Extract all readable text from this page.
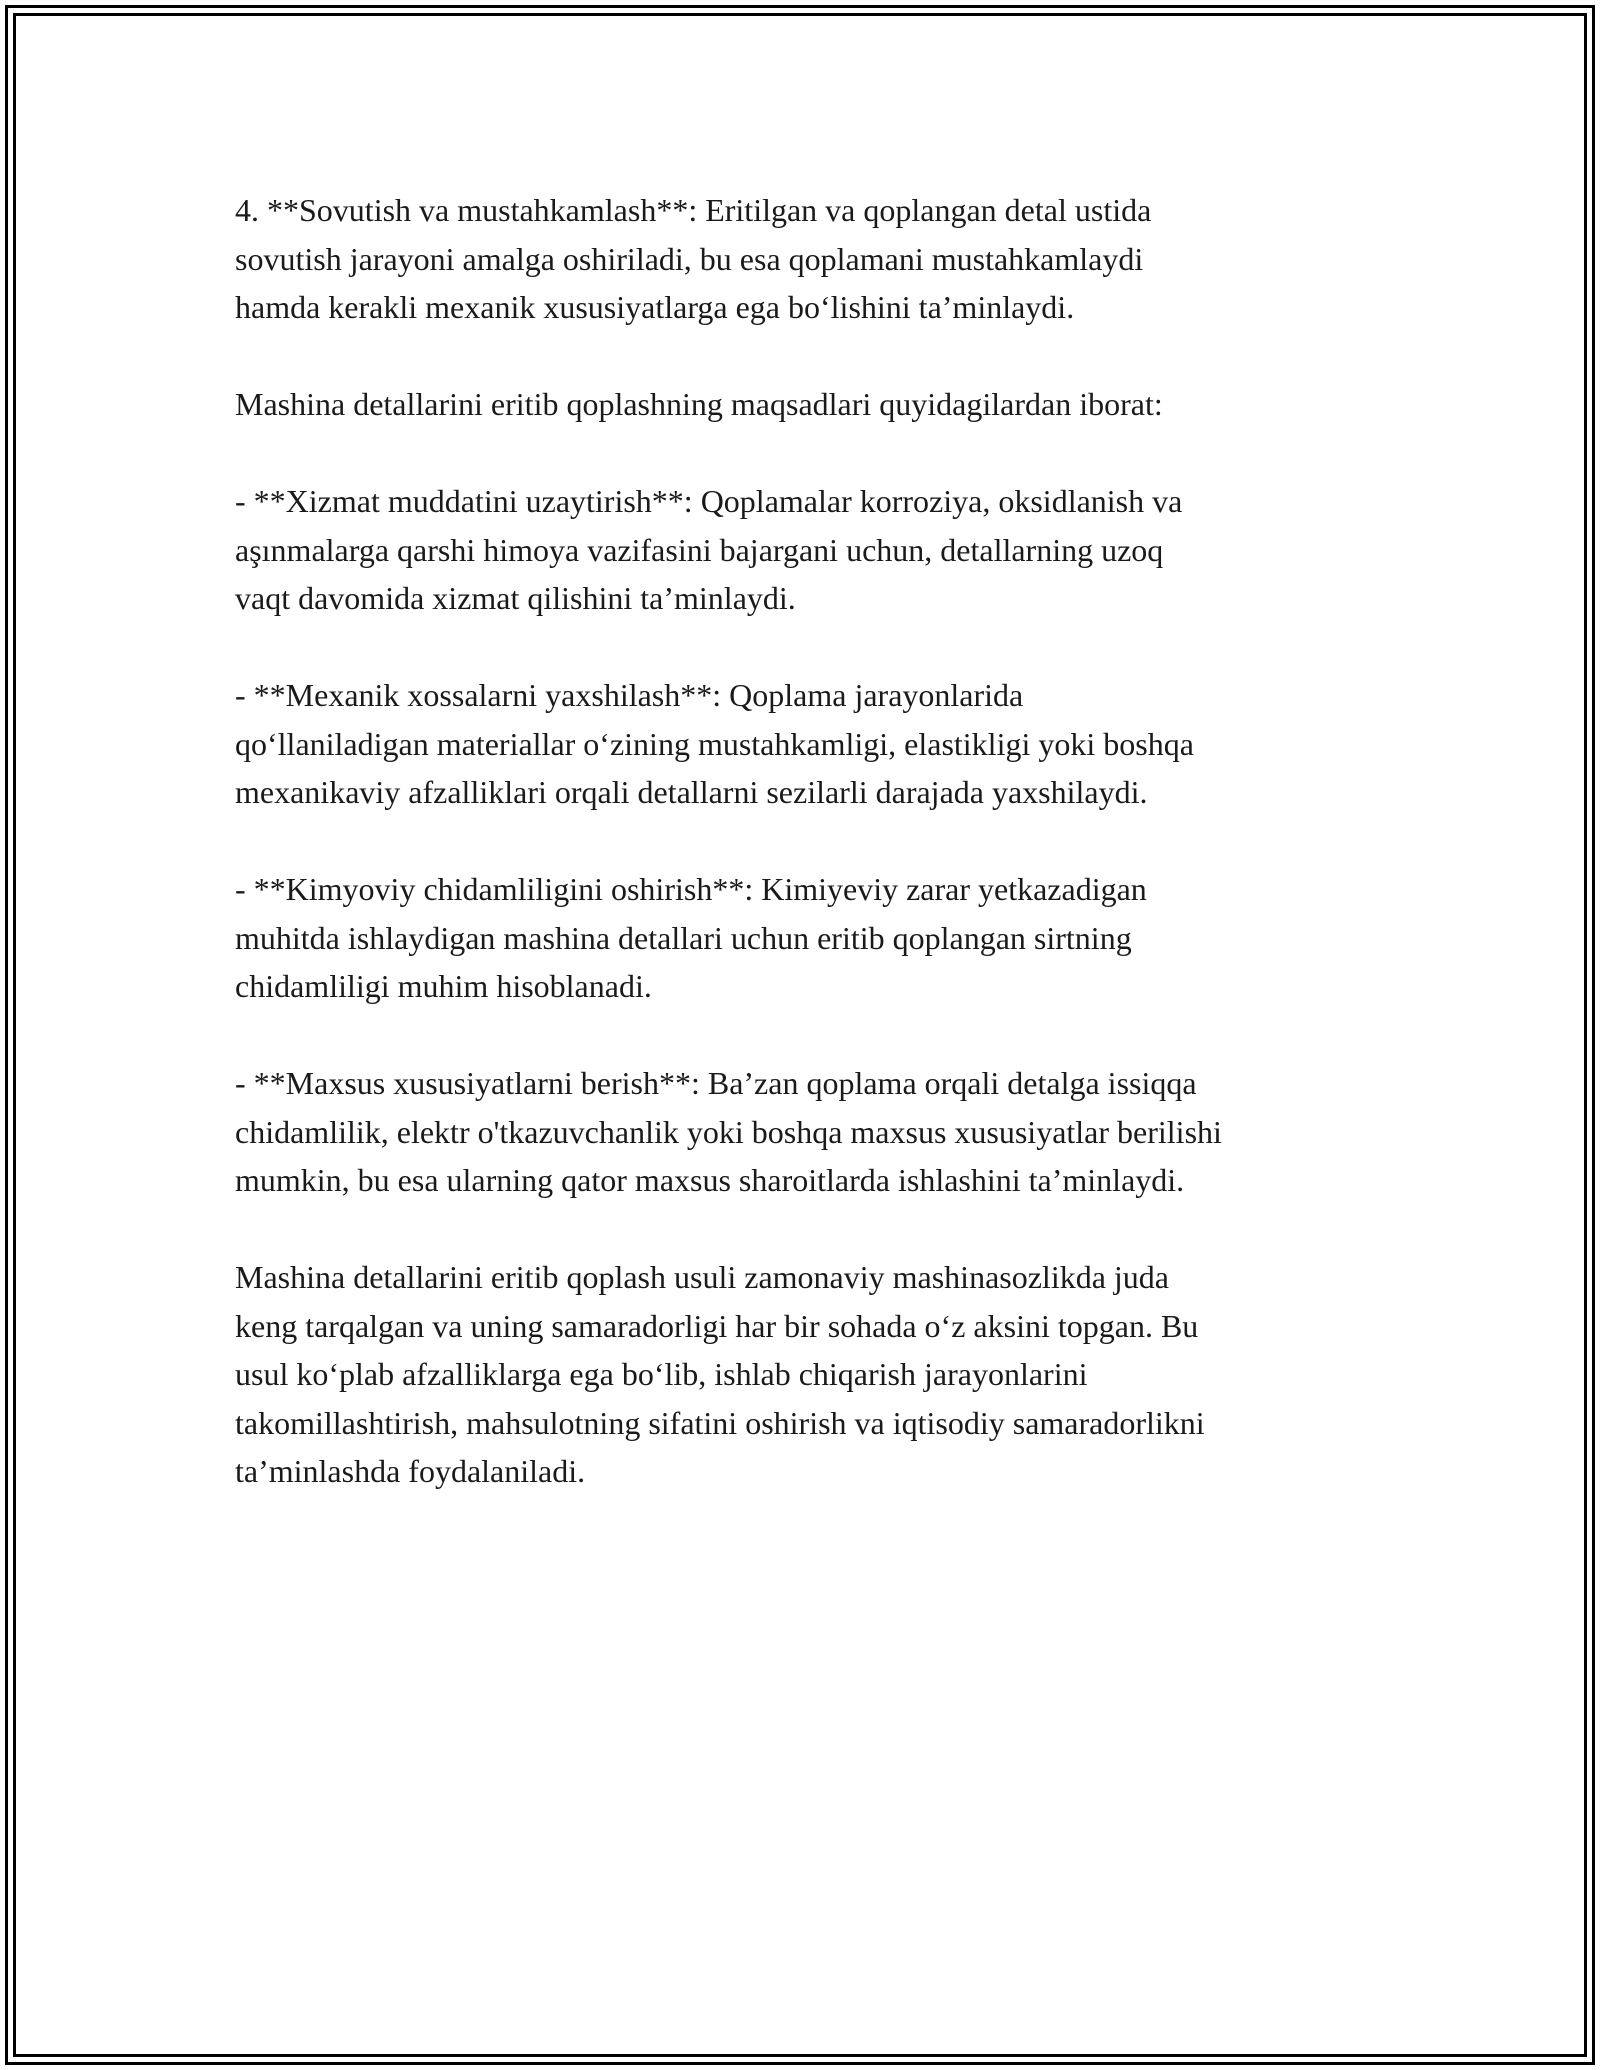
4. **Sovutish va mustahkamlash**: Eritilgan va qoplangan detal ustida
sovutish jarayoni amalga oshiriladi, bu esa qoplamani mustahkamlaydi
hamda kerakli mexanik xususiyatlarga ega bo‘lishini ta’minlaydi.

Mashina detallarini eritib qoplashning maqsadlari quyidagilardan iborat:

- **Xizmat muddatini uzaytirish**: Qoplamalar korroziya, oksidlanish va
aşınmalarga qarshi himoya vazifasini bajargani uchun, detallarning uzoq
vaqt davomida xizmat qilishini ta’minlaydi.

- **Mexanik xossalarni yaxshilash**: Qoplama jarayonlarida
qo‘llaniladigan materiallar o‘zining mustahkamligi, elastikligi yoki boshqa
mexanikaviy afzalliklari orqali detallarni sezilarli darajada yaxshilaydi.

- **Kimyoviy chidamliligini oshirish**: Kimiyeviy zarar yetkazadigan
muhitda ishlaydigan mashina detallari uchun eritib qoplangan sirtning
chidamliligi muhim hisoblanadi.

- **Maxsus xususiyatlarni berish**: Ba’zan qoplama orqali detalga issiqqa
chidamlilik, elektr o'tkazuvchanlik yoki boshqa maxsus xususiyatlar berilishi
mumkin, bu esa ularning qator maxsus sharoitlarda ishlashini ta’minlaydi.

Mashina detallarini eritib qoplash usuli zamonaviy mashinasozlikda juda
keng tarqalgan va uning samaradorligi har bir sohada o‘z aksini topgan. Bu
usul ko‘plab afzalliklarga ega bo‘lib, ishlab chiqarish jarayonlarini
takomillashtirish, mahsulotning sifatini oshirish va iqtisodiy samaradorlikni
ta’minlashda foydalaniladi.
